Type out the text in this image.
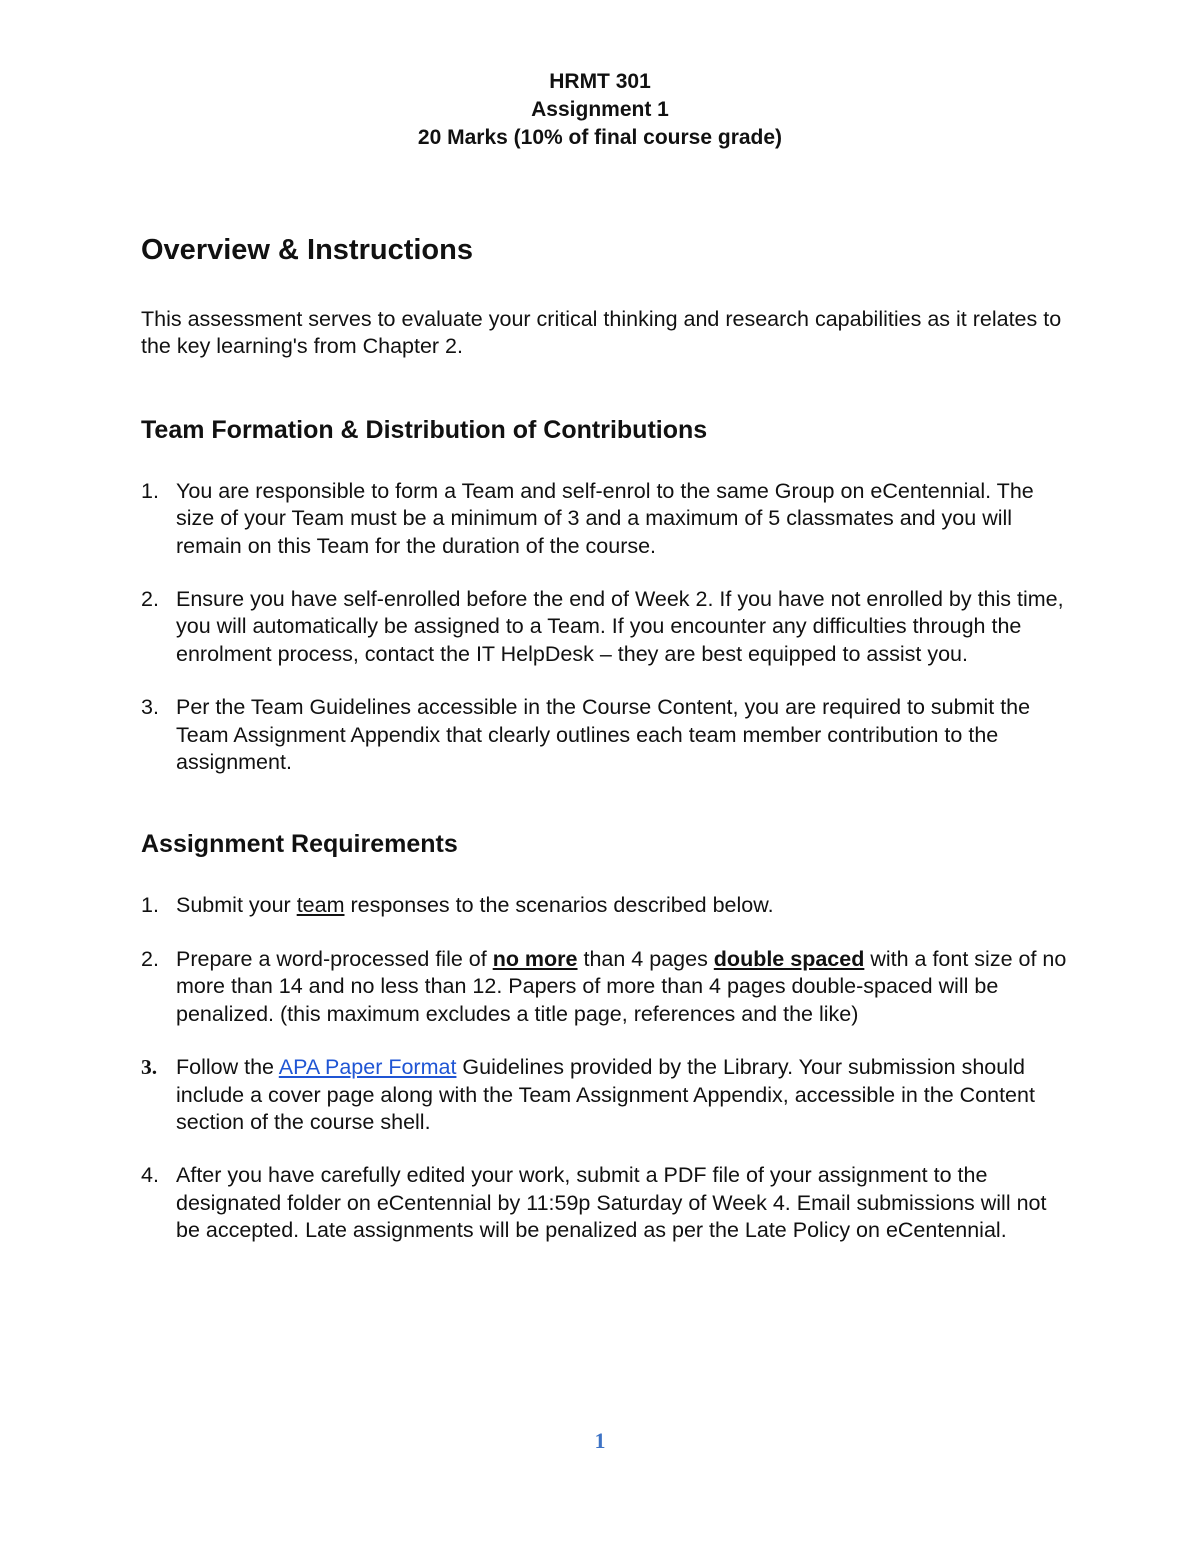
HRMT 301
Assignment 1
20 Marks (10% of final course grade)
Overview & Instructions

This assessment serves to evaluate your critical thinking and research capabilities as it relates to the key learning's from Chapter 2.

Team Formation & Distribution of Contributions
1. You are responsible to form a Team and self-enrol to the same Group on eCentennial. The size of your Team must be a minimum of 3 and a maximum of 5 classmates and you will remain on this Team for the duration of the course.
2. Ensure you have self-enrolled before the end of Week 2. If you have not enrolled by this time, you will automatically be assigned to a Team. If you encounter any difficulties through the enrolment process, contact the IT HelpDesk – they are best equipped to assist you.
3. Per the Team Guidelines accessible in the Course Content, you are required to submit the Team Assignment Appendix that clearly outlines each team member contribution to the assignment.
Assignment Requirements
1. Submit your team responses to the scenarios described below.
2. Prepare a word-processed file of no more than 4 pages double spaced with a font size of no more than 14 and no less than 12. Papers of more than 4 pages double-spaced will be penalized. (this maximum excludes a title page, references and the like)
3. Follow the APA Paper Format Guidelines provided by the Library. Your submission should include a cover page along with the Team Assignment Appendix, accessible in the Content section of the course shell.
4. After you have carefully edited your work, submit a PDF file of your assignment to the designated folder on eCentennial by 11:59p Saturday of Week 4. Email submissions will not be accepted. Late assignments will be penalized as per the Late Policy on eCentennial.
1
